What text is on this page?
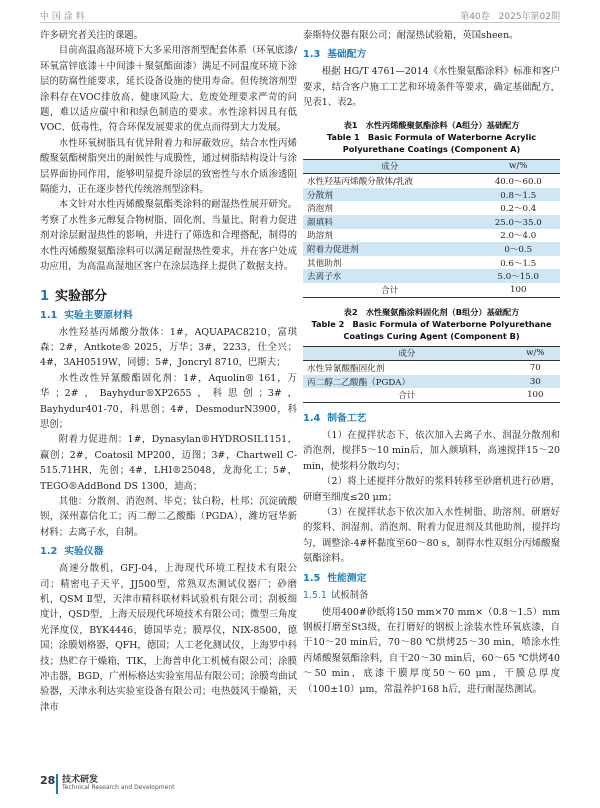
中 国 涂 料	第40卷　2025年第02期

许多研究者关注的课题。

目前高温高湿环境下大多采用溶剂型配套体系（环氧底漆/环氧富锌底漆＋中间漆＋聚氨酯面漆）满足不同温度环境下涂层的防腐性能要求，延长设备设施的使用寿命。但传统溶剂型涂料存在VOC排放高、健康风险大、危废处理要求严苛的问题，难以适应碳中和和绿色制造的要求。水性涂料因具有低VOC、低毒性，符合环保发展要求的优点而得到大力发展。

水性环氧树脂具有优异附着力和屏蔽效应，结合水性丙烯酸聚氨酯树脂突出的耐候性与成膜性，通过树脂结构设计与涂层界面协同作用，能够明显提升涂层的致密性与水介质渗透阻隔能力，正在逐步替代传统溶剂型涂料。

本文针对水性丙烯酸聚氨酯类涂料的耐湿热性展开研究。考察了水性多元醇复合物树脂、固化剂、当量比、附着力促进剂对涂层耐湿热性的影响，并进行了筛选和合理搭配，制得的水性丙烯酸聚氨酯涂料可以满足耐湿热性要求，并在客户处成功应用，为高温高湿地区客户在涂层选择上提供了数据支持。

1 实验部分
1.1 实验主要原材料

水性羟基丙烯酸分散体：1#，AQUAPAC8210，富琪森；2#，Antkote® 2025，万华；3#，2233，仕全兴；4#，3AH0519W，同德；5#，Joncryl 8710，巴斯夫；

水性改性异氰酸酯固化剂：1#，Aquolin® 161，万华；2#，Bayhydur®XP2655，科思创；3#，Bayhydur401-70，科思创；4#，DesmodurN3900，科思创；

附着力促进剂：1#，Dynasylan®HYDROSIL1151，赢创；2#，Coatosil MP200，迈图；3#，Chartwell C-515.71HR，先创；4#，LHI®25048，龙海化工；5#，TEGO®AddBond DS 1300，迪高；

其他：分散剂、消泡剂、毕克；钛白粉，杜邦；沉淀硫酸钡，深州嘉信化工；丙二醇二乙酸酯（PGDA），潍坊冠华新材料；去离子水，自制。

1.2 实验仪器

高速分散机，GFJ-04，上海现代环境工程技术有限公司；精密电子天平，JJ500型，常熟双杰测试仪器厂；砂磨机，QSM Ⅱ型，天津市精科联材料试验机有限公司；刮板细度计，QSD型，上海天辰现代环境技术有限公司；微型三角度光泽度仪，BYK4446，德国毕克；膜厚仪，NIX-8500，德国；涂膜划格器，QFH，德国；人工老化测试仪，上海罗中科技；热贮存干燥箱，TIK，上海普申化工机械有限公司；涂膜冲击器，BGD，广州标格达实验室用品有限公司；涂膜弯曲试验器，天津永利达实验室设备有限公司；电热鼓风干燥箱，天津市

泰斯特仪器有限公司；耐湿热试验箱，英国sheen。

1.3 基础配方

根据 HG/T 4761—2014《水性聚氨酯涂料》标准和客户要求，结合客户施工工艺和环境条件等要求，确定基础配方，见表1、表2。

表1　水性丙烯酸聚氨酯涂料（A组分）基础配方
Table 1　Basic Formula of Waterborne Acrylic
Polyurethane Coatings (Component A)
成分	w/%
水性羟基丙烯酸分散体/乳液	40.0～60.0
分散剂	0.8～1.5
消泡剂	0.2～0.4
颜填料	25.0～35.0
助溶剂	2.0～4.0
附着力促进剂	0～0.5
其他助剂	0.6～1.5
去离子水	5.0～15.0
合计	100
表2　水性聚氨酯涂料固化剂（B组分）基础配方
Table 2　Basic Formula of Waterborne Polyurethane
Coatings Curing Agent (Component B)
成分	w/%
水性异氰酸酯固化剂	70
丙二醇二乙酸酯（PGDA）	30
合计	100
1.4 制备工艺

（1）在搅拌状态下，依次加入去离子水、润湿分散剂和消泡剂，搅拌5～10 min后，加入颜填料，高速搅拌15～20 min，使浆料分散均匀；

（2）将上述搅拌分散好的浆料转移至砂磨机进行砂磨，研磨至细度≤20 μm；

（3）在搅拌状态下依次加入水性树脂、助溶剂、研磨好的浆料、润湿剂、消泡剂、附着力促进剂及其他助剂，搅拌均匀，调整涂-4#杯黏度至60～80 s，制得水性双组分丙烯酸聚氨酯涂料。

1.5 性能测定
1.5.1 试板制备

使用400#砂纸将150 mm×70 mm×（0.8～1.5）mm钢板打磨至St3级，在打磨好的钢板上涂装水性环氧底漆，自干10～20 min后，70～80 ℃烘烤25～30 min，喷涂水性丙烯酸聚氨酯涂料，自干20～30 min后，60～65 ℃烘烤40～50 min，底漆干膜厚度50～60 μm，干膜总厚度（100±10）μm，常温养护168 h后，进行耐湿热测试。

28 技术研发
Technical Research and Development
